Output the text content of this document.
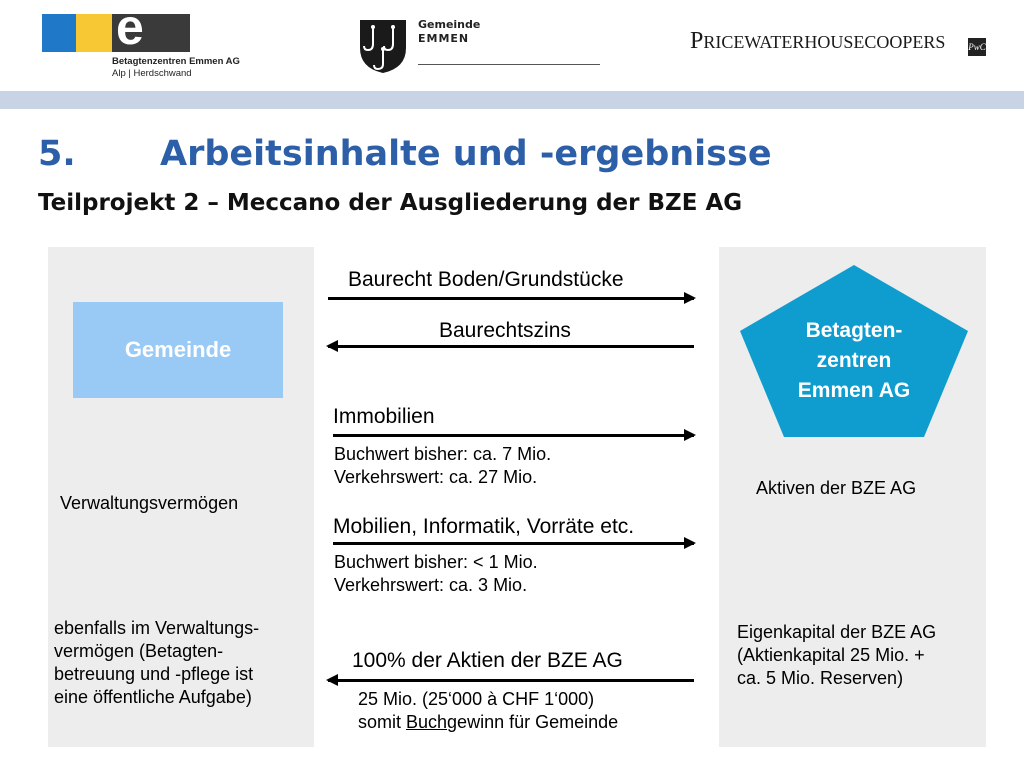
e
Betagtenzentren Emmen AG
Alp | Herdschwand
Gemeinde
EMMEN	PRICEWATERHOUSECOOPERS	PwC
5. Arbeitsinhalte und -ergebnisse
Teilprojekt 2 – Meccano der Ausgliederung der BZE AG
Gemeinde
Betagten-
zentren
Emmen AG
Verwaltungsvermögen
ebenfalls im Verwaltungs-
vermögen (Betagten-
betreuung und -pflege ist
eine öffentliche Aufgabe)
Aktiven der BZE AG
Eigenkapital der BZE AG
(Aktienkapital 25 Mio. +
ca. 5 Mio. Reserven)
Baurecht Boden/Grundstücke
Baurechtszins
Immobilien
Buchwert bisher: ca. 7 Mio.
Verkehrswert: ca. 27 Mio.
Mobilien, Informatik, Vorräte etc.
Buchwert bisher: < 1 Mio.
Verkehrswert: ca. 3 Mio.
100% der Aktien der BZE AG
25 Mio. (25‘000 à CHF 1‘000)
somit Buchgewinn für Gemeinde
